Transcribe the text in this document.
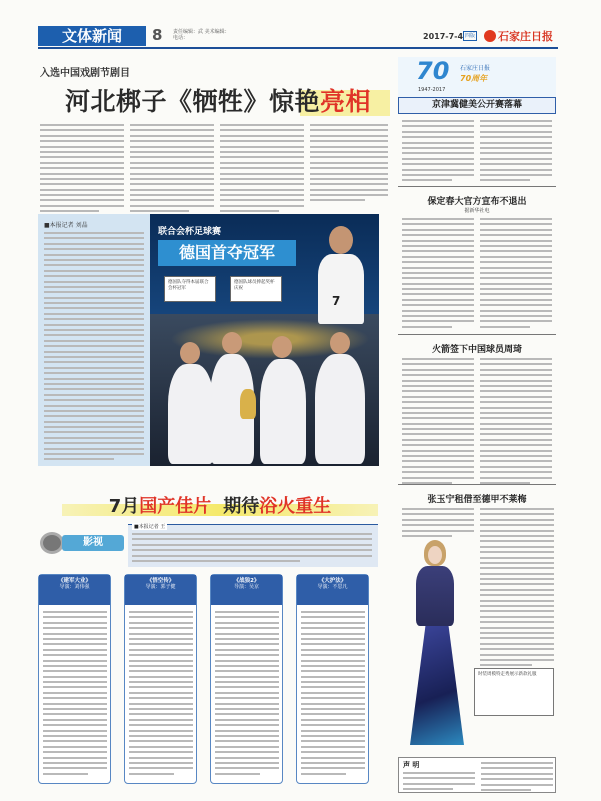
文体新闻	8 责任编辑：武 美术编辑：
电话：	2017-7-4 四版	石家庄日报
入选中国戏剧节剧目
河北梆子《牺牲》惊艳亮相
■本报记者 刘晶
7
联合会杯足球赛
德国首夺冠军
德国队夺得本届联合会杯冠军
德国队球员捧起奖杯庆祝
7月国产佳片 期待浴火重生
影视
■本报记者 王
《建军大业》
导演：刘伟强
《悟空传》
导演：郭子健
《战狼2》
导演：吴京
《大护法》
导演：不思凡
70 石家庄日报
70周年
1947-2017
京津冀健美公开赛落幕
保定春大官方宣布不退出
据新华社电
火箭签下中国球员周琦
张玉宁租借至德甲不莱梅
时装周模特走秀展示新款礼服
声 明
